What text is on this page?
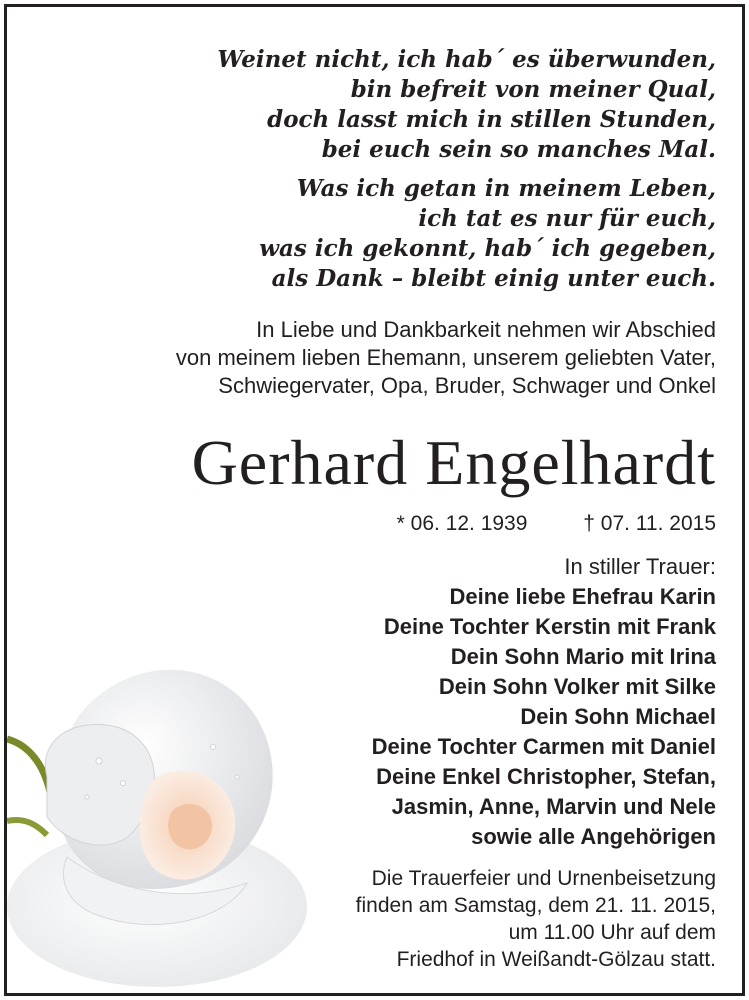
Weinet nicht, ich hab´ es überwunden,
bin befreit von meiner Qual,
doch lasst mich in stillen Stunden,
bei euch sein so manches Mal.
Was ich getan in meinem Leben,
ich tat es nur für euch,
was ich gekonnt, hab´ ich gegeben,
als Dank – bleibt einig unter euch.
In Liebe und Dankbarkeit nehmen wir Abschied
von meinem lieben Ehemann, unserem geliebten Vater,
Schwiegervater, Opa, Bruder, Schwager und Onkel
Gerhard Engelhardt
* 06. 12. 1939	† 07. 11. 2015
In stiller Trauer:
Deine liebe Ehefrau Karin
Deine Tochter Kerstin mit Frank
Dein Sohn Mario mit Irina
Dein Sohn Volker mit Silke
Dein Sohn Michael
Deine Tochter Carmen mit Daniel
Deine Enkel Christopher, Stefan,
Jasmin, Anne, Marvin und Nele
sowie alle Angehörigen
Die Trauerfeier und Urnenbeisetzung
finden am Samstag, dem 21. 11. 2015,
um 11.00 Uhr auf dem
Friedhof in Weißandt-Gölzau statt.
